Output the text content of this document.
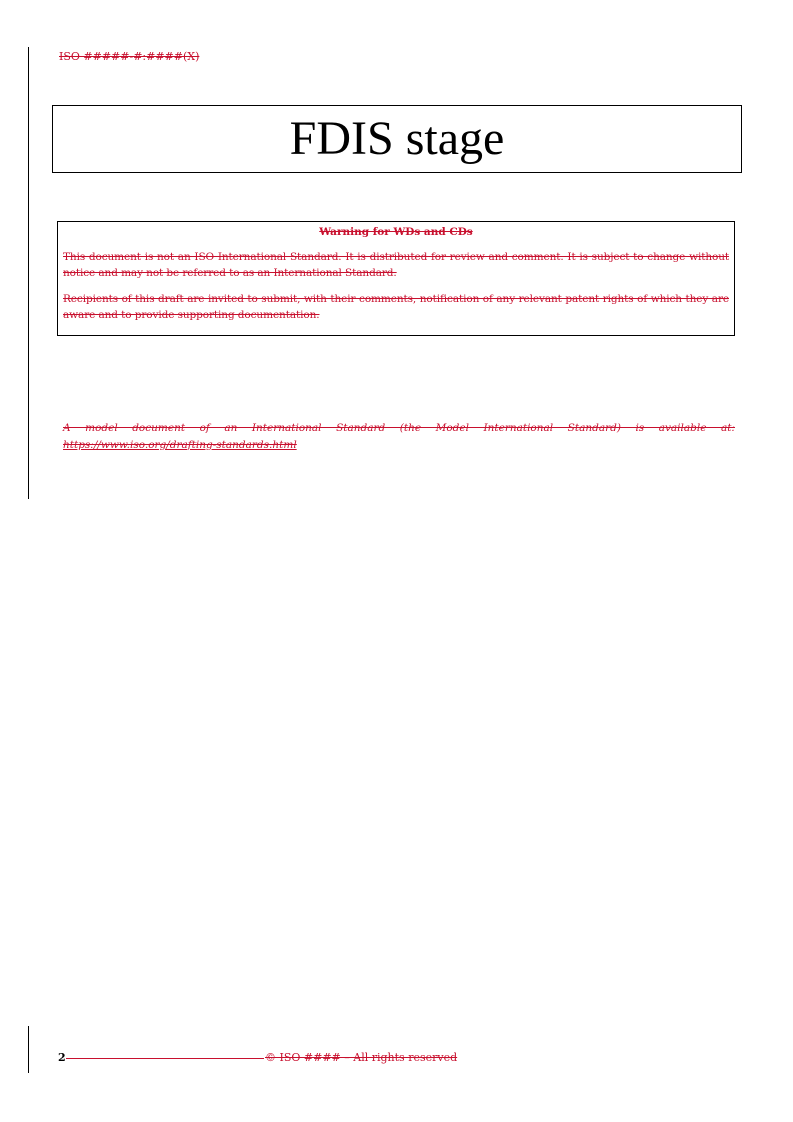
ISO #####-#:####(X)
FDIS stage

Warning for WDs and CDs

This document is not an ISO International Standard. It is distributed for review and comment. It is subject to change without notice and may not be referred to as an International Standard.

Recipients of this draft are invited to submit, with their comments, notification of any relevant patent rights of which they are aware and to provide supporting documentation.

A model document of an International Standard (the Model International Standard) is available at: https://www.iso.org/drafting-standards.html
2	© ISO #### – All rights reserved
